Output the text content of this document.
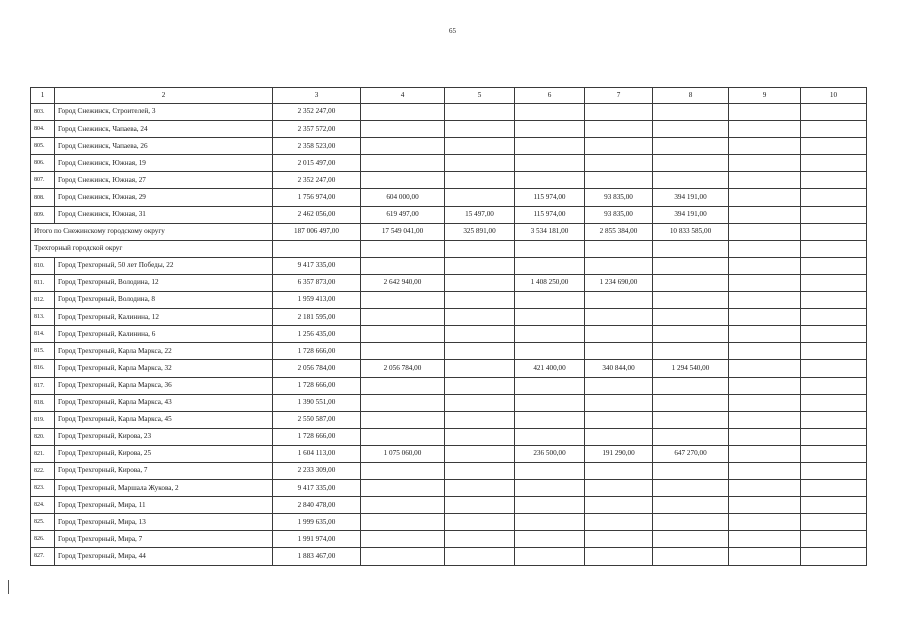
65
1	2	3	4	5	6	7	8	9	10
803.	Город Снежинск, Строителей, 3	2 352 247,00							
804.	Город Снежинск, Чапаева, 24	2 357 572,00							
805.	Город Снежинск, Чапаева, 26	2 358 523,00							
806.	Город Снежинск, Южная, 19	2 015 497,00							
807.	Город Снежинск, Южная, 27	2 352 247,00							
808.	Город Снежинск, Южная, 29	1 756 974,00	604 000,00		115 974,00	93 835,00	394 191,00		
809.	Город Снежинск, Южная, 31	2 462 056,00	619 497,00	15 497,00	115 974,00	93 835,00	394 191,00		
Итого по Снежинскому городскому округу		187 006 497,00	17 549 041,00	325 891,00	3 534 181,00	2 855 384,00	10 833 585,00		
Трехгорный городской округ									
810.	Город Трехгорный, 50 лет Победы, 22	9 417 335,00							
811.	Город Трехгорный, Володина, 12	6 357 873,00	2 642 940,00		1 408 250,00	1 234 690,00			
812.	Город Трехгорный, Володина, 8	1 959 413,00							
813.	Город Трехгорный, Калинина, 12	2 181 595,00							
814.	Город Трехгорный, Калинина, 6	1 256 435,00							
815.	Город Трехгорный, Карла Маркса, 22	1 728 666,00							
816.	Город Трехгорный, Карла Маркса, 32	2 056 784,00	2 056 784,00		421 400,00	340 844,00	1 294 540,00		
817.	Город Трехгорный, Карла Маркса, 36	1 728 666,00							
818.	Город Трехгорный, Карла Маркса, 43	1 390 551,00							
819.	Город Трехгорный, Карла Маркса, 45	2 550 587,00							
820.	Город Трехгорный, Кирова, 23	1 728 666,00							
821.	Город Трехгорный, Кирова, 25	1 604 113,00	1 075 060,00		236 500,00	191 290,00	647 270,00		
822.	Город Трехгорный, Кирова, 7	2 233 309,00							
823.	Город Трехгорный, Маршала Жукова, 2	9 417 335,00							
824.	Город Трехгорный, Мира, 11	2 840 478,00							
825.	Город Трехгорный, Мира, 13	1 999 635,00							
826.	Город Трехгорный, Мира, 7	1 991 974,00							
827.	Город Трехгорный, Мира, 44	1 883 467,00							
